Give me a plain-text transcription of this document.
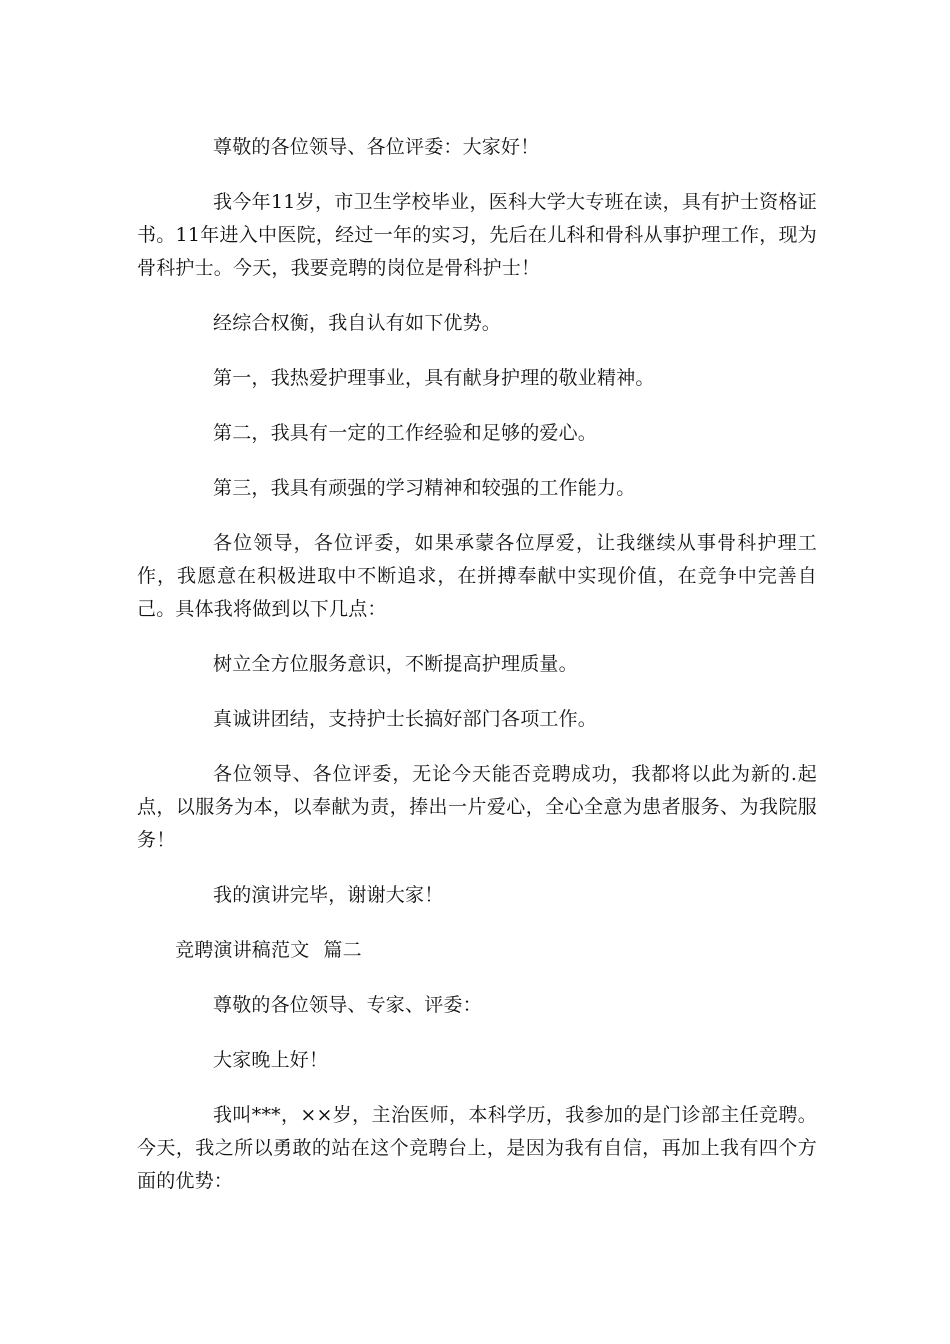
尊敬的各位领导、各位评委：大家好！

我今年11岁，市卫生学校毕业，医科大学大专班在读，具有护士资格证书。11年进入中医院，经过一年的实习，先后在儿科和骨科从事护理工作，现为骨科护士。今天，我要竞聘的岗位是骨科护士！

经综合权衡，我自认有如下优势。

第一，我热爱护理事业，具有献身护理的敬业精神。

第二，我具有一定的工作经验和足够的爱心。

第三，我具有顽强的学习精神和较强的工作能力。

各位领导，各位评委，如果承蒙各位厚爱，让我继续从事骨科护理工作，我愿意在积极进取中不断追求，在拼搏奉献中实现价值，在竞争中完善自己。具体我将做到以下几点：

树立全方位服务意识，不断提高护理质量。

真诚讲团结，支持护士长搞好部门各项工作。

各位领导、各位评委，无论今天能否竞聘成功，我都将以此为新的.起点，以服务为本，以奉献为责，捧出一片爱心，全心全意为患者服务、为我院服务！

我的演讲完毕，谢谢大家！

竞聘演讲稿范文 篇二

尊敬的各位领导、专家、评委：

大家晚上好！

我叫***，××岁，主治医师，本科学历，我参加的是门诊部主任竞聘。今天，我之所以勇敢的站在这个竞聘台上，是因为我有自信，再加上我有四个方面的优势：
